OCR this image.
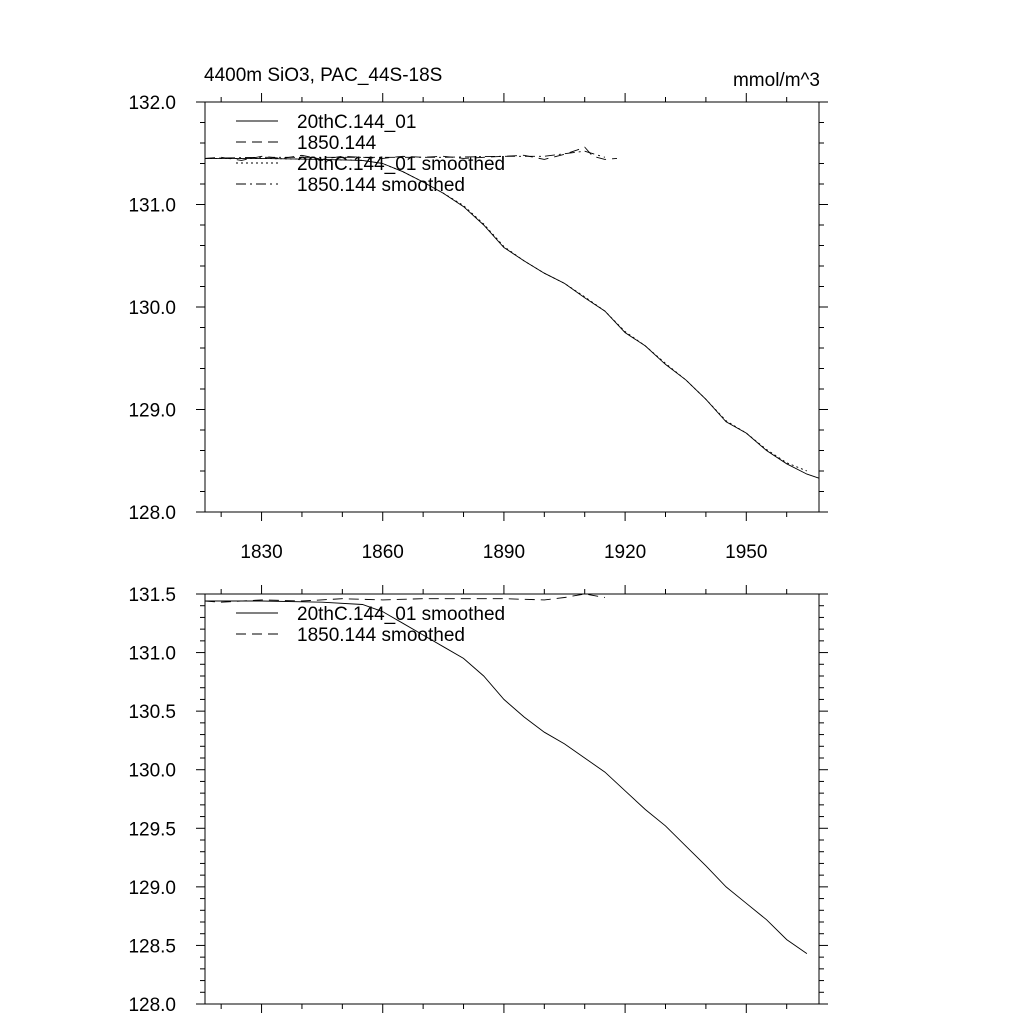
4400m SiO3, PAC_44S-18S	mmol/m^3
128.0
129.0
130.0
131.0
132.0
1830	1860	1890	1920	1950
20thC.144_01
1850.144
20thC.144_01 smoothed
1850.144 smoothed
128.0
128.5
129.0
129.5
130.0
130.5
131.0
131.5
20thC.144_01 smoothed
1850.144 smoothed
